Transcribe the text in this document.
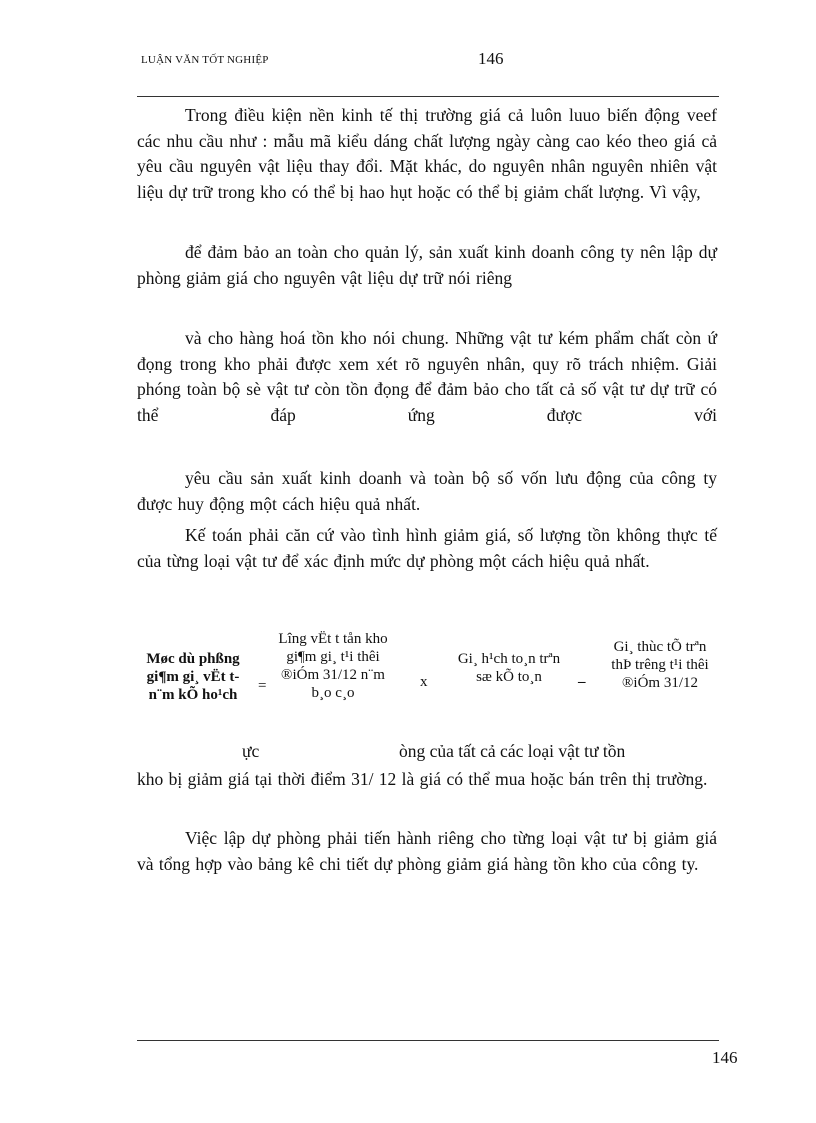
LUẬN VĂN TỐT NGHIỆP	146

Trong điều kiện nền kinh tế thị trường giá cả luôn luuo biến động veef các nhu cầu như : mẫu mã kiểu dáng chất lượng ngày càng cao kéo theo giá cả yêu cầu nguyên vật liệu thay đổi. Mặt khác, do nguyên nhân nguyên nhiên vật liệu dự trữ trong kho có thể bị hao hụt hoặc có thể bị giảm chất lượng. Vì vậy,

để đảm bảo an toàn cho quản lý, sản xuất kinh doanh công ty nên lập dự phòng giảm giá cho nguyên vật liệu dự trữ nói riêng

và cho hàng hoá tồn kho nói chung. Những vật tư kém phẩm chất còn ứ đọng trong kho phải được xem xét rõ nguyên nhân, quy rõ trách nhiệm. Giải phóng toàn bộ sè vật tư còn tồn đọng để đảm bảo cho tất cả số vật tư dự trữ có thể đáp ứng được với

yêu cầu sản xuất kinh doanh và toàn bộ số vốn lưu động của công ty được huy động một cách hiệu quả nhất.

Kế toán phải căn cứ vào tình hình giảm giá, số lượng tồn không thực tế của từng loại vật tư để xác định mức dự phòng một cách hiệu quả nhất.

Møc dù phßng gi¶m gi¸ vËt t n¨m kÕ ho¹ch
=
Lîng vËt t tån kho gi¶m gi¸ t¹i thêi ®iÓm 31/12 n¨m b¸o c¸o
x
Gi¸ h¹ch to¸n trªn sæ kÕ to¸n	–
Gi¸ thùc tÕ trªn thÞ trêng t¹i thêi ®iÓm 31/12
ực	òng của tất cả các loại vật tư tồn

kho bị giảm giá tại thời điểm 31/ 12 là giá có thể mua hoặc bán trên thị trường.

Việc lập dự phòng phải tiến hành riêng cho từng loại vật tư bị giảm giá và tổng hợp vào bảng kê chi tiết dự phòng giảm giá hàng tồn kho của công ty.

146
